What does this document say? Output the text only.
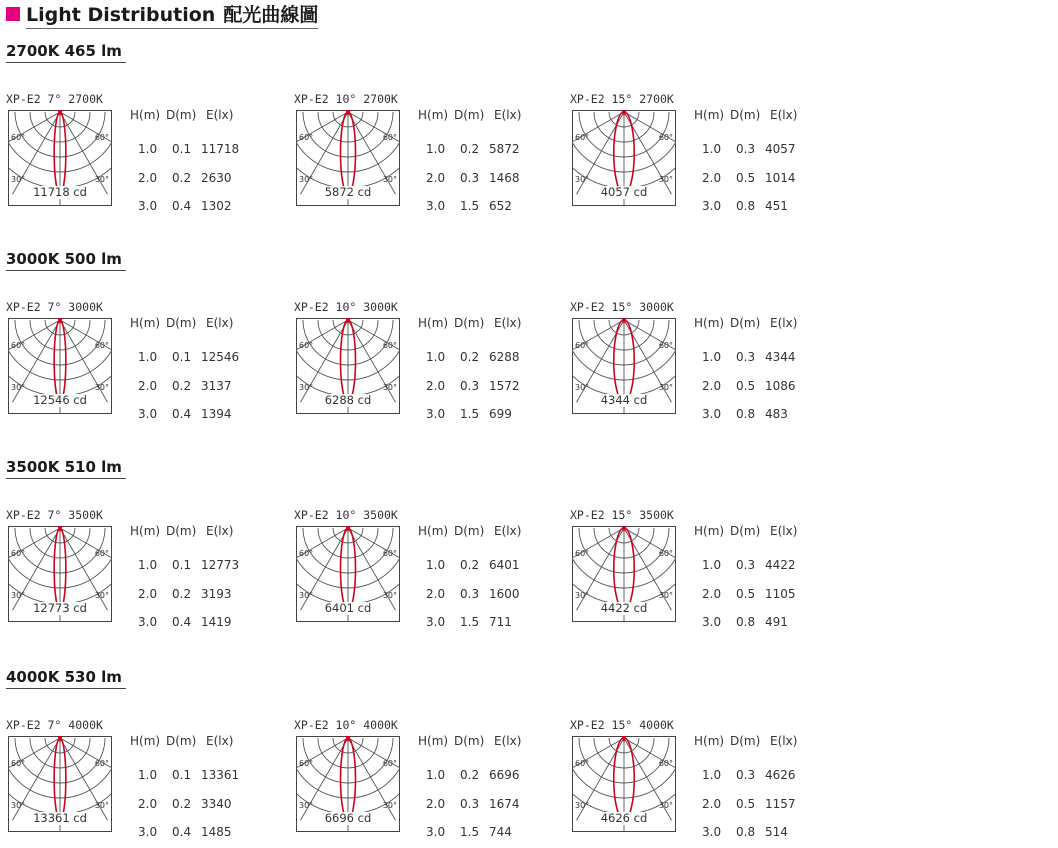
Light Distribution 配光曲線圖
2700K 465 lm
XP-E2 7° 2700K
60°	60°
30°	30°
11718 cd
H(m) D(m) E(lx)
1.0 0.1 11718
2.0 0.2 2630
3.0 0.4 1302
XP-E2 10° 2700K
60°	60°
30°	30°
5872 cd
H(m) D(m) E(lx)
1.0 0.2 5872
2.0 0.3 1468
3.0 1.5 652
XP-E2 15° 2700K
60°	60°
30°	30°
4057 cd
H(m) D(m) E(lx)
1.0 0.3 4057
2.0 0.5 1014
3.0 0.8 451
3000K 500 lm
XP-E2 7° 3000K
60°	60°
30°	30°
12546 cd
H(m) D(m) E(lx)
1.0 0.1 12546
2.0 0.2 3137
3.0 0.4 1394
XP-E2 10° 3000K
60°	60°
30°	30°
6288 cd
H(m) D(m) E(lx)
1.0 0.2 6288
2.0 0.3 1572
3.0 1.5 699
XP-E2 15° 3000K
60°	60°
30°	30°
4344 cd
H(m) D(m) E(lx)
1.0 0.3 4344
2.0 0.5 1086
3.0 0.8 483
3500K 510 lm
XP-E2 7° 3500K
60°	60°
30°	30°
12773 cd
H(m) D(m) E(lx)
1.0 0.1 12773
2.0 0.2 3193
3.0 0.4 1419
XP-E2 10° 3500K
60°	60°
30°	30°
6401 cd
H(m) D(m) E(lx)
1.0 0.2 6401
2.0 0.3 1600
3.0 1.5 711
XP-E2 15° 3500K
60°	60°
30°	30°
4422 cd
H(m) D(m) E(lx)
1.0 0.3 4422
2.0 0.5 1105
3.0 0.8 491
4000K 530 lm
XP-E2 7° 4000K
60°	60°
30°	30°
13361 cd
H(m) D(m) E(lx)
1.0 0.1 13361
2.0 0.2 3340
3.0 0.4 1485
XP-E2 10° 4000K
60°	60°
30°	30°
6696 cd
H(m) D(m) E(lx)
1.0 0.2 6696
2.0 0.3 1674
3.0 1.5 744
XP-E2 15° 4000K
60°	60°
30°	30°
4626 cd
H(m) D(m) E(lx)
1.0 0.3 4626
2.0 0.5 1157
3.0 0.8 514
